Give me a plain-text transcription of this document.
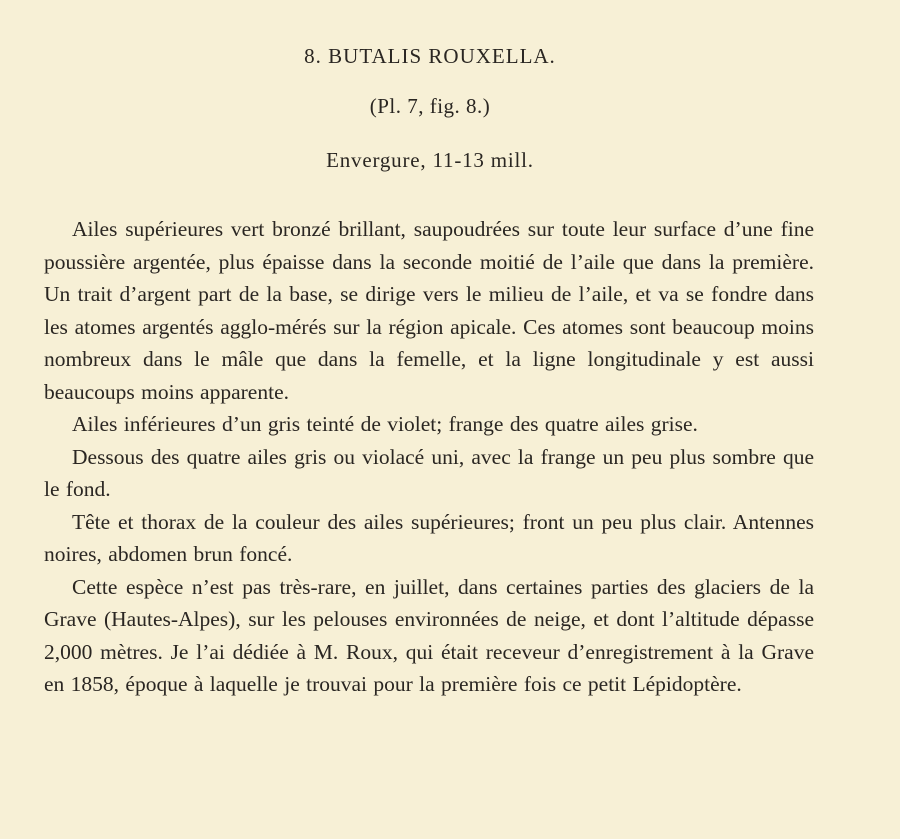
8. BUTALIS ROUXELLA.
(Pl. 7, fig. 8.)
Envergure, 11-13 mill.

Ailes supérieures vert bronzé brillant, saupoudrées sur toute leur surface d’une fine poussière argentée, plus épaisse dans la seconde moitié de l’aile que dans la première. Un trait d’argent part de la base, se dirige vers le milieu de l’aile, et va se fondre dans les atomes argentés agglo-mérés sur la région apicale. Ces atomes sont beaucoup moins nombreux dans le mâle que dans la femelle, et la ligne longitudinale y est aussi beaucoups moins apparente.

Ailes inférieures d’un gris teinté de violet; frange des quatre ailes grise.

Dessous des quatre ailes gris ou violacé uni, avec la frange un peu plus sombre que le fond.

Tête et thorax de la couleur des ailes supérieures; front un peu plus clair. Antennes noires, abdomen brun foncé.

Cette espèce n’est pas très-rare, en juillet, dans certaines parties des glaciers de la Grave (Hautes-Alpes), sur les pelouses environnées de neige, et dont l’altitude dépasse 2,000 mètres. Je l’ai dédiée à M. Roux, qui était receveur d’enregistrement à la Grave en 1858, époque à laquelle je trouvai pour la première fois ce petit Lépidoptère.
